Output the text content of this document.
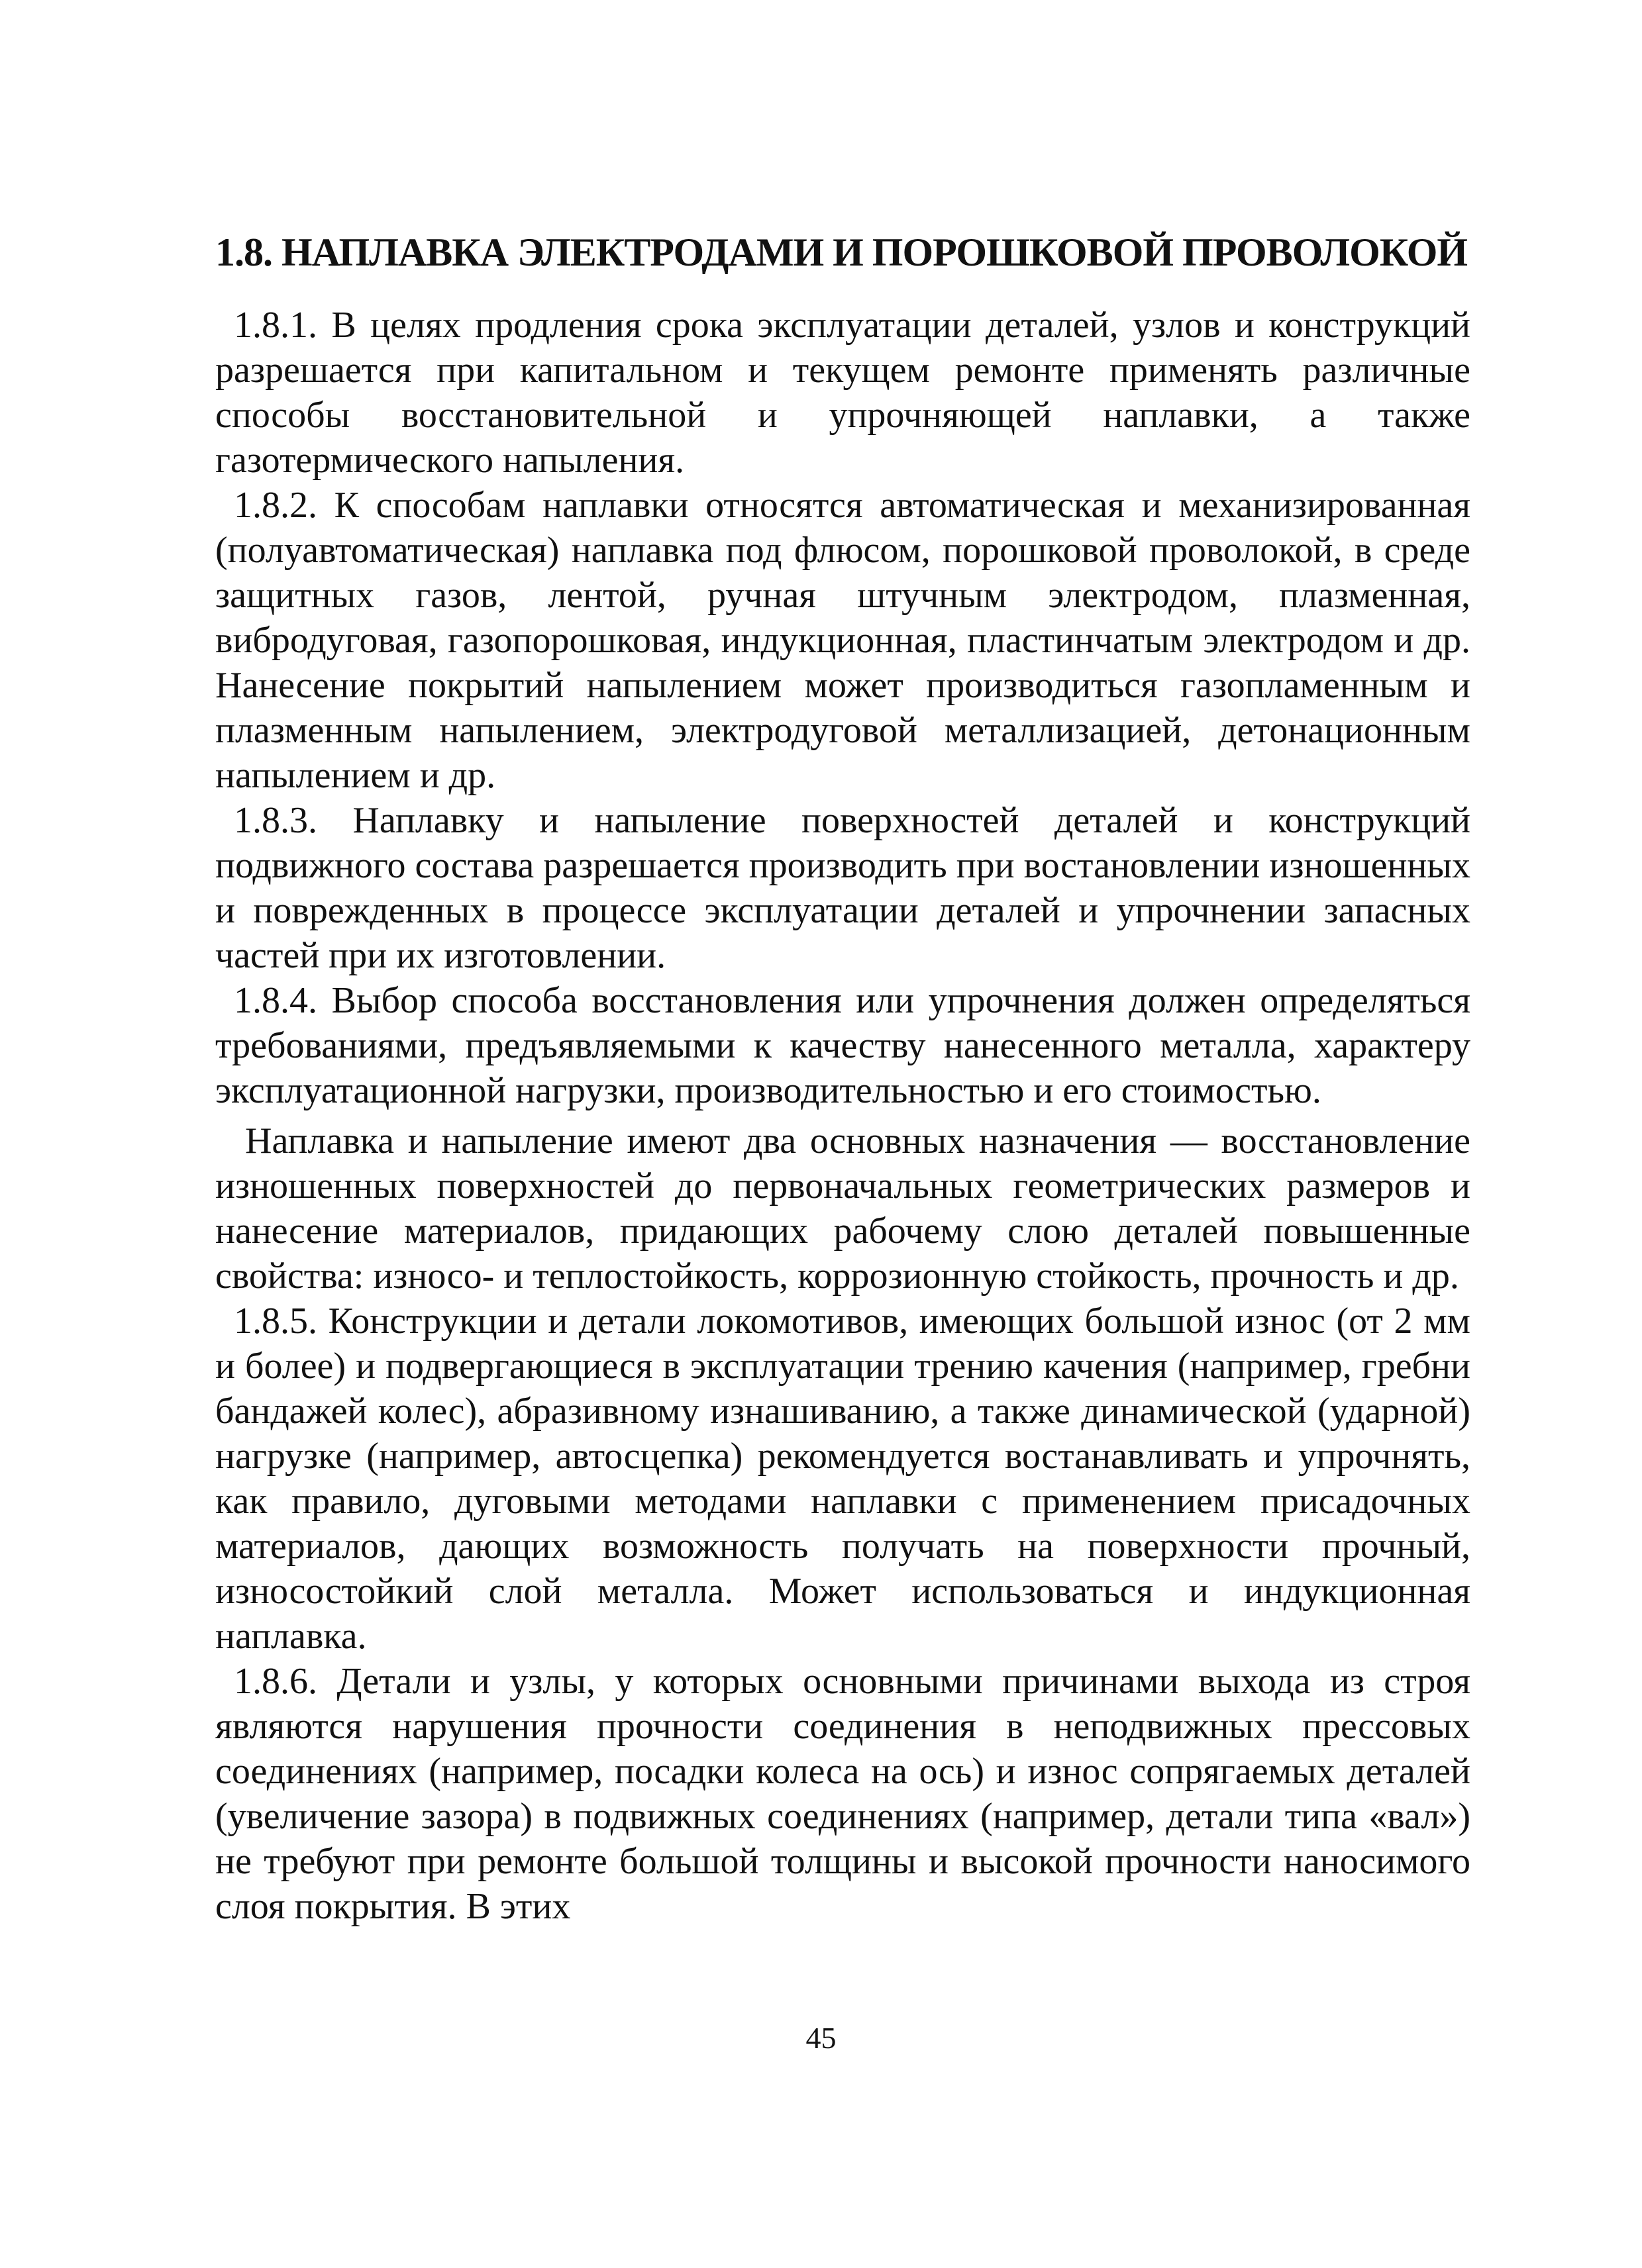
1.8. НАПЛАВКА ЭЛЕКТРОДАМИ И ПОРОШКОВОЙ ПРОВОЛОКОЙ

1.8.1. В целях продления срока эксплуатации деталей, узлов и конструкций разрешается при капитальном и текущем ремонте применять различные способы восстановительной и упрочняющей наплавки, а также газотермического напыления.

1.8.2. К способам наплавки относятся автоматическая и механизированная (полуавтоматическая) наплавка под флюсом, порошковой проволокой, в среде защитных газов, лентой, ручная штучным электродом, плазменная, вибродуговая, газопорошковая, индукционная, пластинчатым электродом и др. Нанесение покрытий напылением может производиться газопламенным и плазменным напылением, электродуговой металлизацией, детонационным напылением и др.

1.8.3. Наплавку и напыление поверхностей деталей и конструкций подвижного состава разрешается производить при востановлении изношенных и поврежденных в процессе эксплуатации деталей и упрочнении запасных частей при их изготовлении.

1.8.4. Выбор способа восстановления или упрочнения должен определяться требованиями, предъявляемыми к качеству нанесенного металла, характеру эксплуатационной нагрузки, производительностью и его стоимостью.

Наплавка и напыление имеют два основных назначения — восстановление изношенных поверхностей до первоначальных геометрических размеров и нанесение материалов, придающих рабочему слою деталей повышенные свойства: износо- и теплостойкость, коррозионную стойкость, прочность и др.

1.8.5. Конструкции и детали локомотивов, имеющих большой износ (от 2 мм и более) и подвергающиеся в эксплуатации трению качения (например, гребни бандажей колес), абразивному изнашиванию, а также динамической (ударной) нагрузке (например, автосцепка) рекомендуется востанавливать и упрочнять, как правило, дуговыми методами наплавки с применением присадочных материалов, дающих возможность получать на поверхности прочный, износостойкий слой металла. Может использоваться и индукционная наплавка.

1.8.6. Детали и узлы, у которых основными причинами выхода из строя являются нарушения прочности соединения в неподвижных прессовых соединениях (например, посадки колеса на ось) и износ сопрягаемых деталей (увеличение зазора) в подвижных соединениях (например, детали типа «вал») не требуют при ремонте большой толщины и высокой прочности наносимого слоя покрытия. В этих

45
